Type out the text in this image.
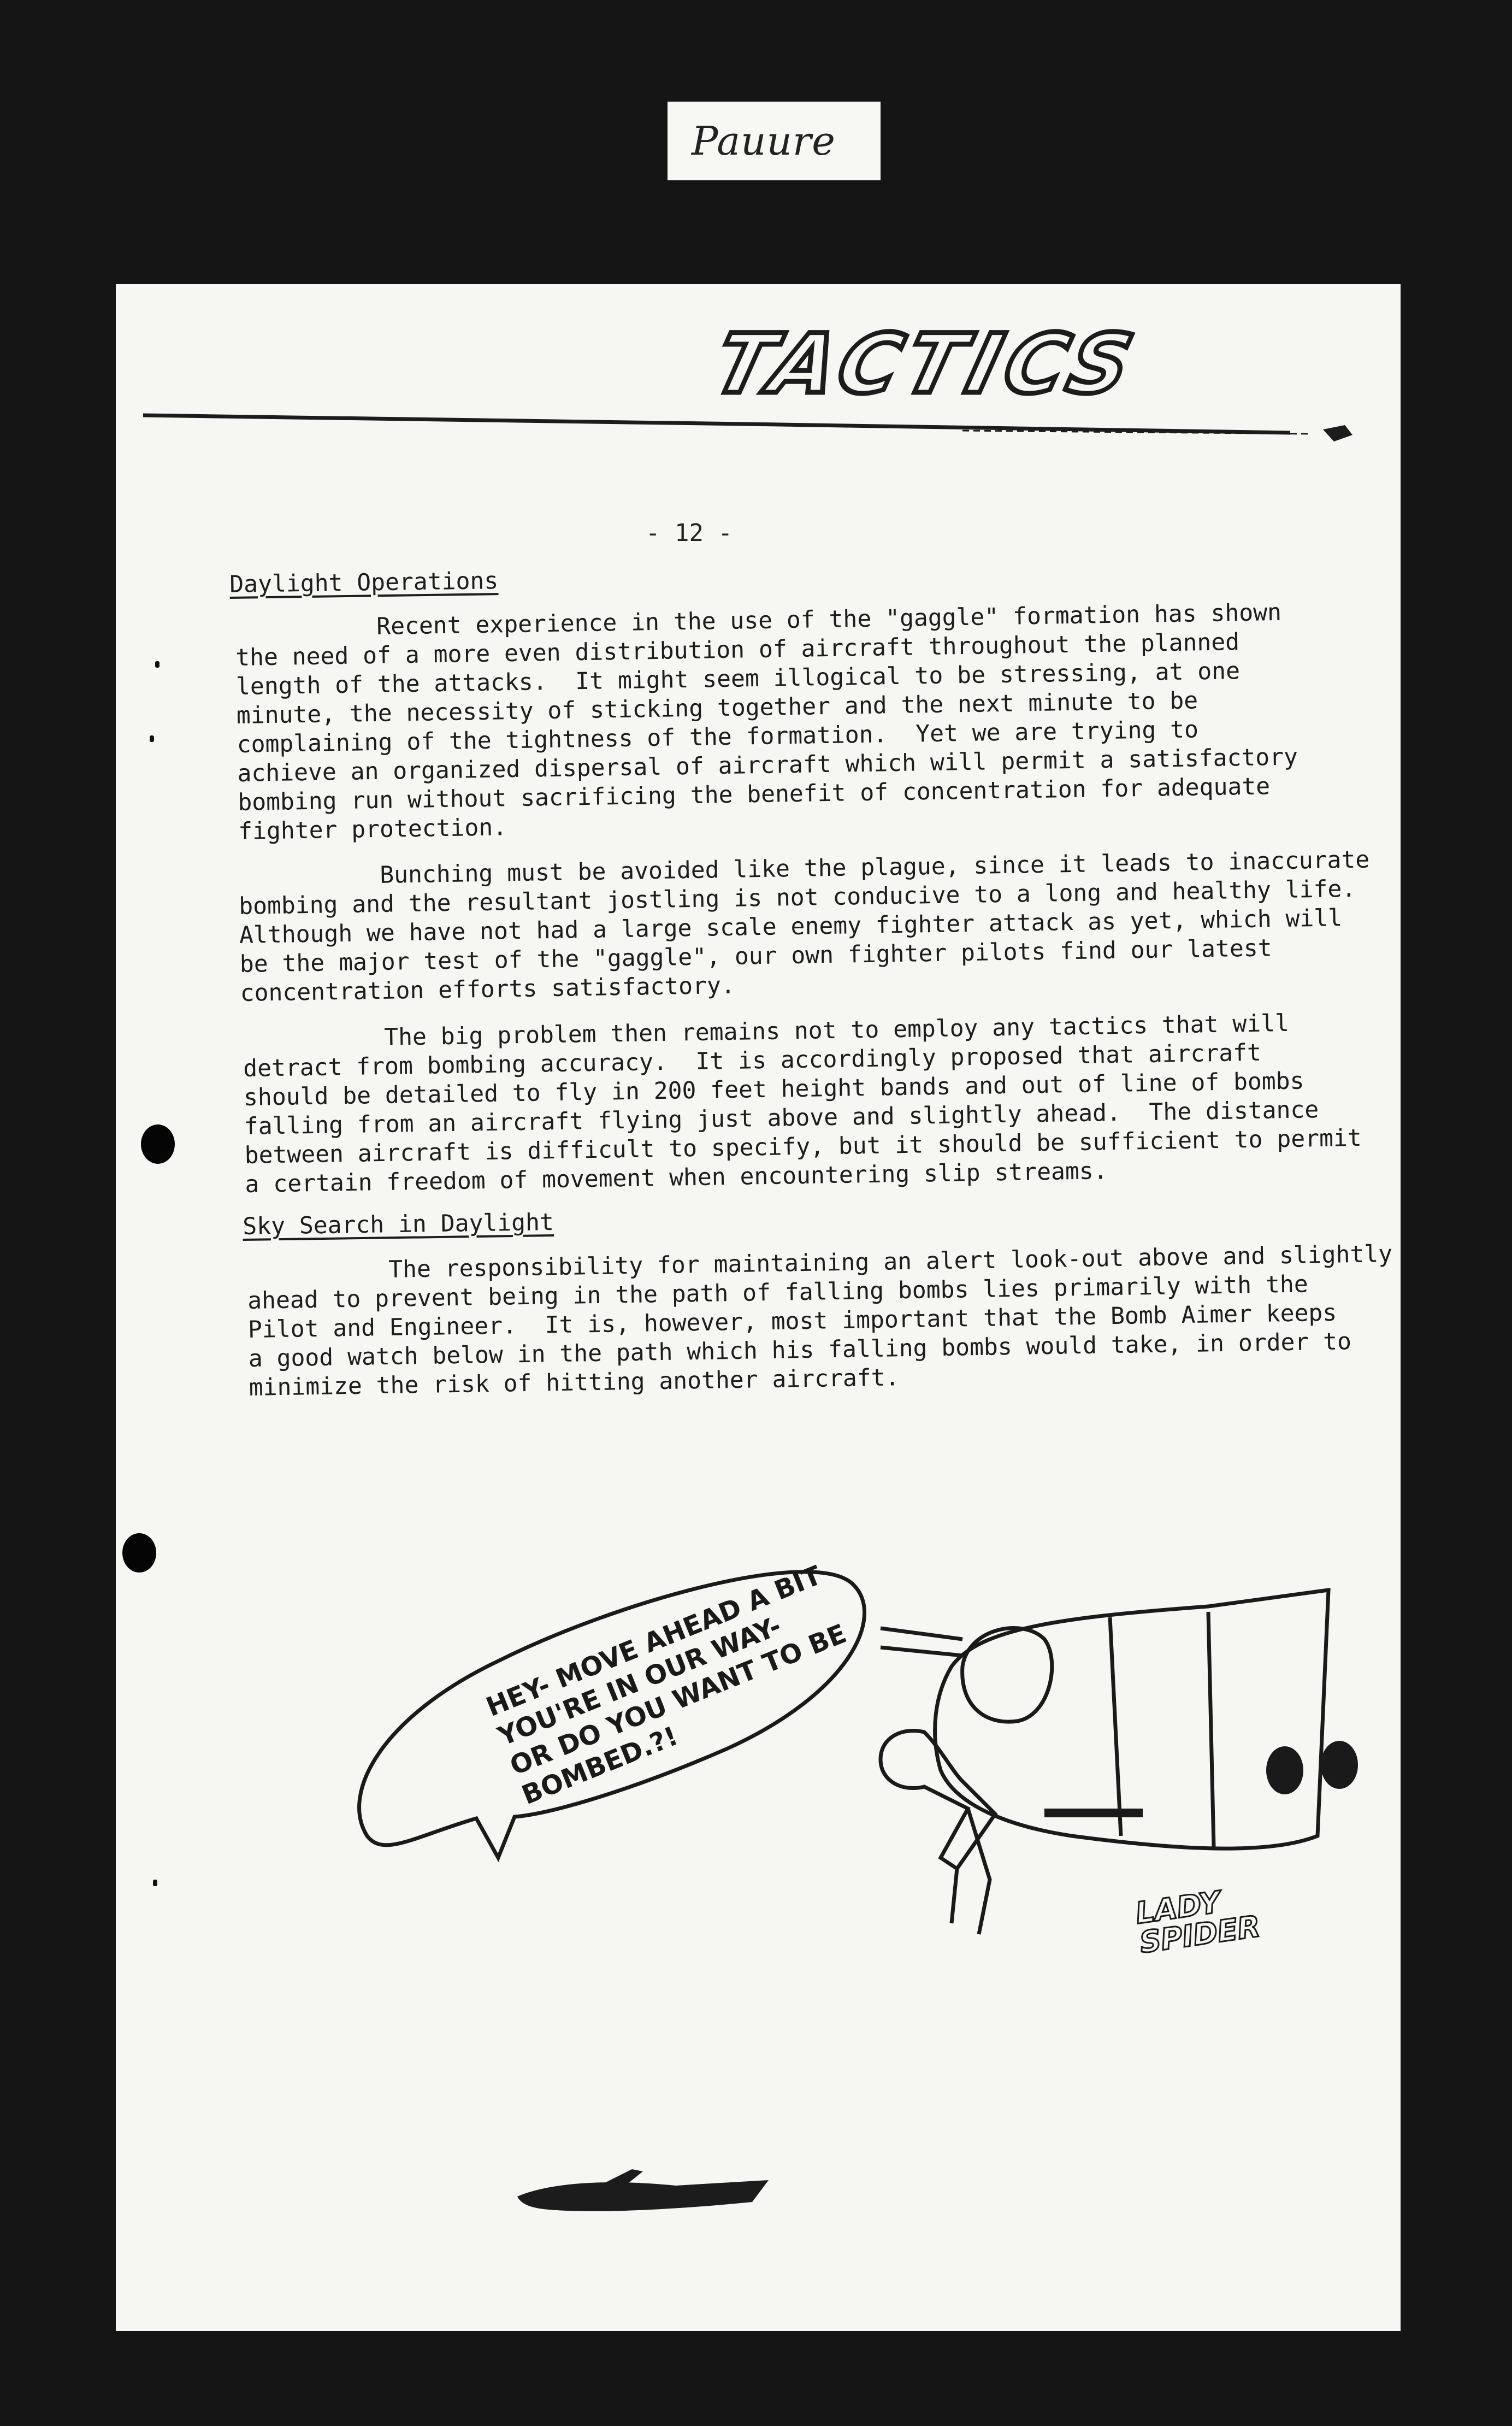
Pauure
TACTICS
- 12 -
Daylight Operations
Recent experience in the use of the "gaggle" formation has shown
the need of a more even distribution of aircraft throughout the planned
length of the attacks.  It might seem illogical to be stressing, at one
minute, the necessity of sticking together and the next minute to be
complaining of the tightness of the formation.  Yet we are trying to
achieve an organized dispersal of aircraft which will permit a satisfactory
bombing run without sacrificing the benefit of concentration for adequate
fighter protection.
Bunching must be avoided like the plague, since it leads to inaccurate
bombing and the resultant jostling is not conducive to a long and healthy life.
Although we have not had a large scale enemy fighter attack as yet, which will
be the major test of the "gaggle", our own fighter pilots find our latest
concentration efforts satisfactory.
The big problem then remains not to employ any tactics that will
detract from bombing accuracy.  It is accordingly proposed that aircraft
should be detailed to fly in 200 feet height bands and out of line of bombs
falling from an aircraft flying just above and slightly ahead.  The distance
between aircraft is difficult to specify, but it should be sufficient to permit
a certain freedom of movement when encountering slip streams.
Sky Search in Daylight
The responsibility for maintaining an alert look-out above and slightly
ahead to prevent being in the path of falling bombs lies primarily with the
Pilot and Engineer.  It is, however, most important that the Bomb Aimer keeps
a good watch below in the path which his falling bombs would take, in order to
minimize the risk of hitting another aircraft.
HEY- MOVE AHEAD A BIT
YOU'RE IN OUR WAY-
OR DO YOU WANT TO BE
BOMBED.?!
LADY
SPIDER
